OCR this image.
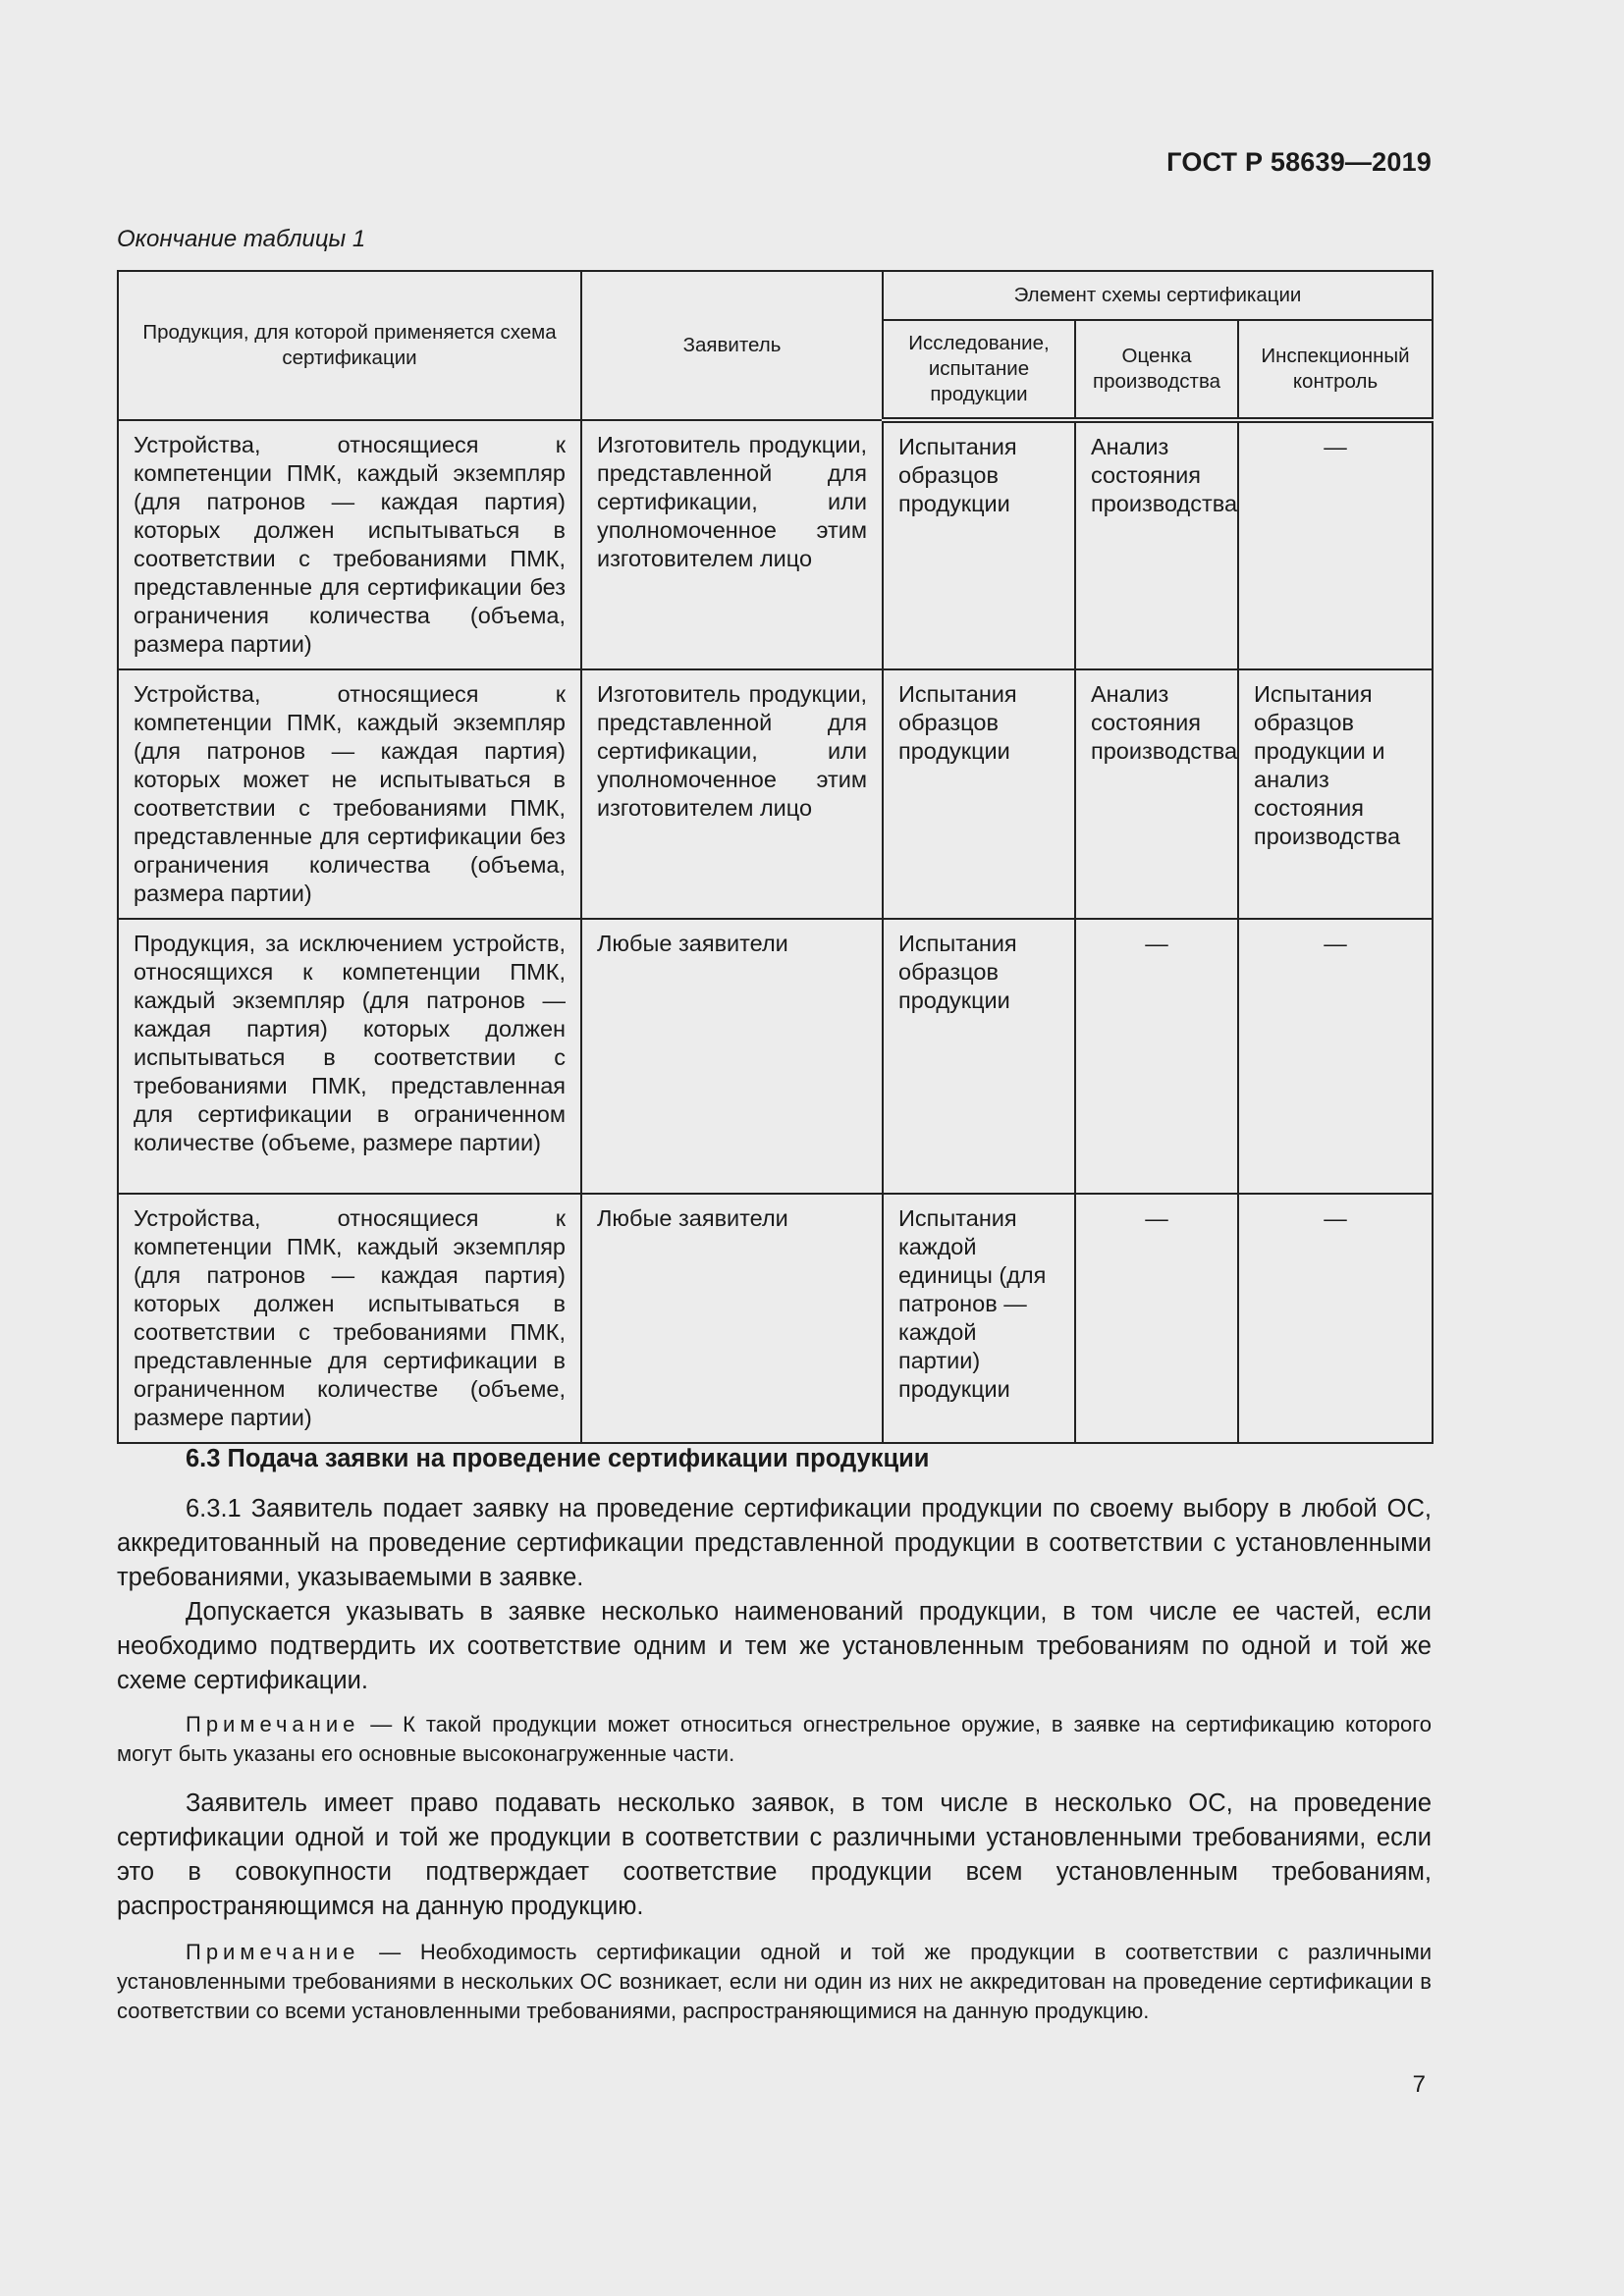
ГОСТ Р 58639—2019
Окончание таблицы 1
Продукция, для которой применяется схема сертификации	Заявитель	Элемент схемы сертификации		
		Исследование, испытание продукции	Оценка производства	Инспекционный контроль
Устройства, относящиеся к компетенции ПМК, каждый экземпляр (для патронов — каждая партия) которых должен испытываться в соответствии с требованиями ПМК, представленные для сертификации без ограничения количества (объема, размера партии)	Изготовитель продукции, представленной для сертификации, или уполномоченное этим изготовителем лицо	Испытания образцов продукции	Анализ состояния производства	—
Устройства, относящиеся к компетенции ПМК, каждый экземпляр (для патронов — каждая партия) которых может не испытываться в соответствии с требованиями ПМК, представленные для сертификации без ограничения количества (объема, размера партии)	Изготовитель продукции, представленной для сертификации, или уполномоченное этим изготовителем лицо	Испытания образцов продукции	Анализ состояния производства	Испытания образцов продукции и анализ состояния производства
Продукция, за исключением устройств, относящихся к компетенции ПМК, каждый экземпляр (для патронов — каждая партия) которых должен испытываться в соответствии с требованиями ПМК, представленная для сертификации в ограниченном количестве (объеме, размере партии)	Любые заявители	Испытания образцов продукции	—	—
Устройства, относящиеся к компетенции ПМК, каждый экземпляр (для патронов — каждая партия) которых должен испытываться в соответствии с требованиями ПМК, представленные для сертификации в ограниченном количестве (объеме, размере партии)	Любые заявители	Испытания каждой единицы (для патронов — каждой партии) продукции	—	—
6.3 Подача заявки на проведение сертификации продукции

6.3.1 Заявитель подает заявку на проведение сертификации продукции по своему выбору в любой ОС, аккредитованный на проведение сертификации представленной продукции в соответствии с установленными требованиями, указываемыми в заявке.

Допускается указывать в заявке несколько наименований продукции, в том числе ее частей, если необходимо подтвердить их соответствие одним и тем же установленным требованиям по одной и той же схеме сертификации.

Примечание — К такой продукции может относиться огнестрельное оружие, в заявке на сертификацию которого могут быть указаны его основные высоконагруженные части.

Заявитель имеет право подавать несколько заявок, в том числе в несколько ОС, на проведение сертификации одной и той же продукции в соответствии с различными установленными требованиями, если это в совокупности подтверждает соответствие продукции всем установленным требованиям, распространяющимся на данную продукцию.

Примечание — Необходимость сертификации одной и той же продукции в соответствии с различными установленными требованиями в нескольких ОС возникает, если ни один из них не аккредитован на проведение сертификации в соответствии со всеми установленными требованиями, распространяющимися на данную продукцию.

7
